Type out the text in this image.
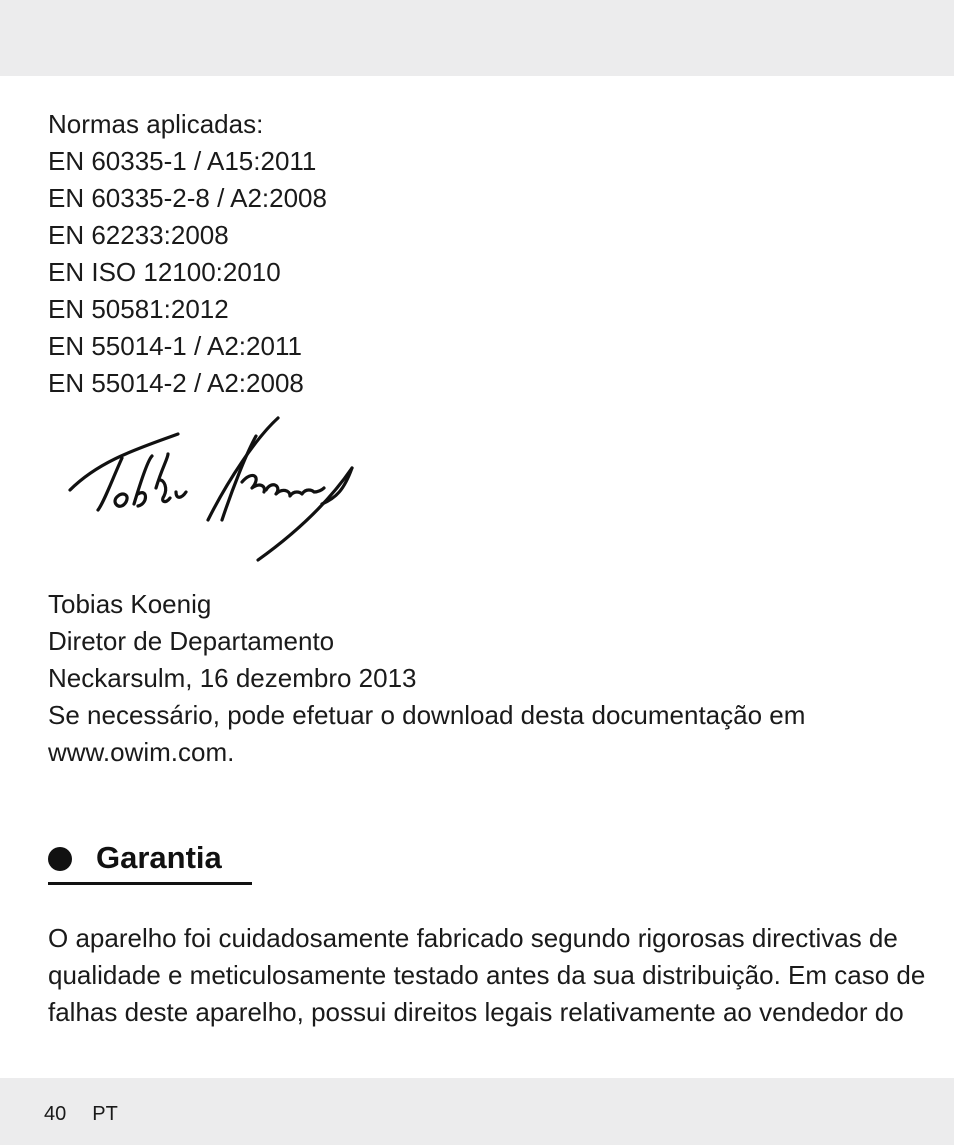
Normas aplicadas:
EN 60335-1 / A15:2011
EN 60335-2-8 / A2:2008
EN 62233:2008
EN ISO 12100:2010
EN 50581:2012
EN 55014-1 / A2:2011
EN 55014-2 / A2:2008
Tobias Koenig
Diretor de Departamento
Neckarsulm, 16 dezembro 2013
Se necessário, pode efetuar o download desta documentação em
www.owim.com.
Garantia
O aparelho foi cuidadosamente fabricado segundo rigorosas directivas de
qualidade e meticulosamente testado antes da sua distribuição. Em caso de
falhas deste aparelho, possui direitos legais relativamente ao vendedor do
40 PT
